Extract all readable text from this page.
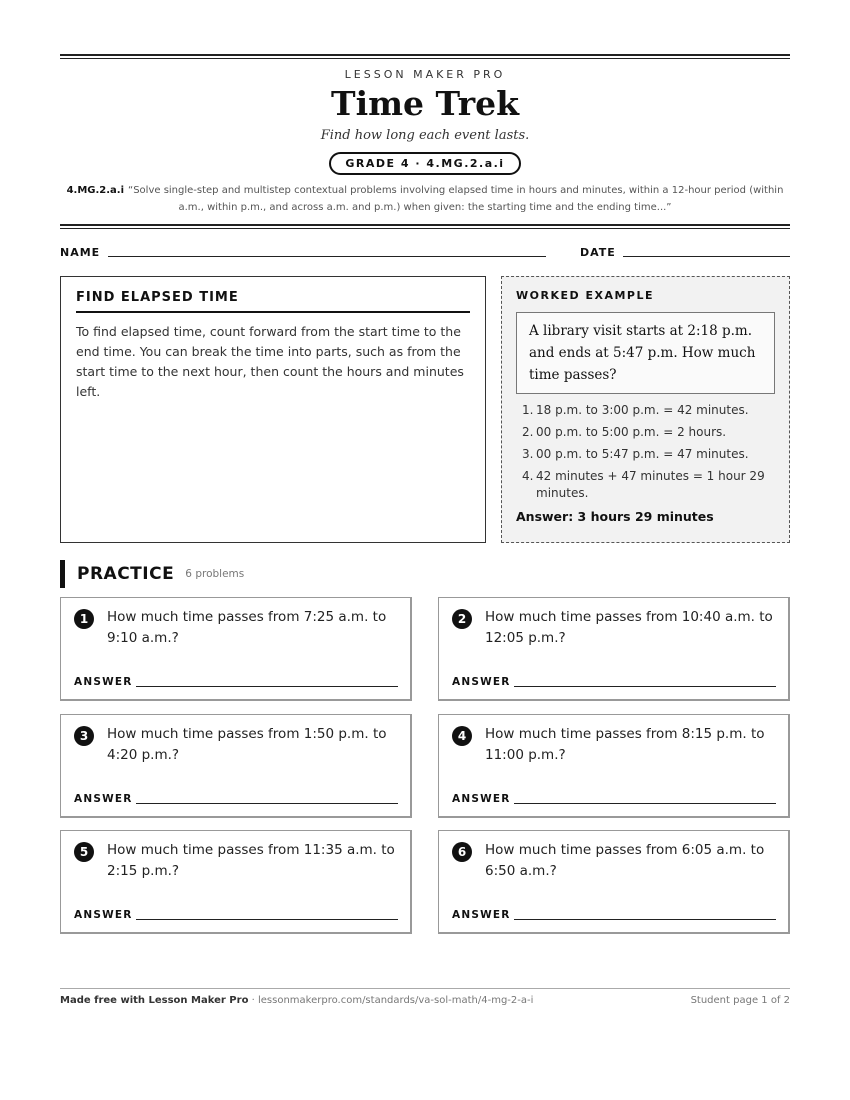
LESSON MAKER PRO
Time Trek
Find how long each event lasts.
GRADE 4 · 4.MG.2.a.i
4.MG.2.a.i “Solve single-step and multistep contextual problems involving elapsed time in hours and minutes, within a 12-hour period (within a.m., within p.m., and across a.m. and p.m.) when given: the starting time and the ending time...”
NAME	DATE
FIND ELAPSED TIME
To find elapsed time, count forward from the start time to the end time. You can break the time into parts, such as from the start time to the next hour, then count the hours and minutes left.
WORKED EXAMPLE
A library visit starts at 2:18 p.m. and ends at 5:47 p.m. How much time passes?
1. 18 p.m. to 3:00 p.m. = 42 minutes.
2. 00 p.m. to 5:00 p.m. = 2 hours.
3. 00 p.m. to 5:47 p.m. = 47 minutes.
4. 42 minutes + 47 minutes = 1 hour 29 minutes.
Answer: 3 hours 29 minutes
PRACTICE 6 problems
1	How much time passes from 7:25 a.m. to 9:10 a.m.?
ANSWER
2	How much time passes from 10:40 a.m. to 12:05 p.m.?
ANSWER
3	How much time passes from 1:50 p.m. to 4:20 p.m.?
ANSWER
4	How much time passes from 8:15 p.m. to 11:00 p.m.?
ANSWER
5	How much time passes from 11:35 a.m. to 2:15 p.m.?
ANSWER
6	How much time passes from 6:05 a.m. to 6:50 a.m.?
ANSWER
Made free with Lesson Maker Pro · lessonmakerpro.com/standards/va-sol-math/4-mg-2-a-i	Student page 1 of 2
